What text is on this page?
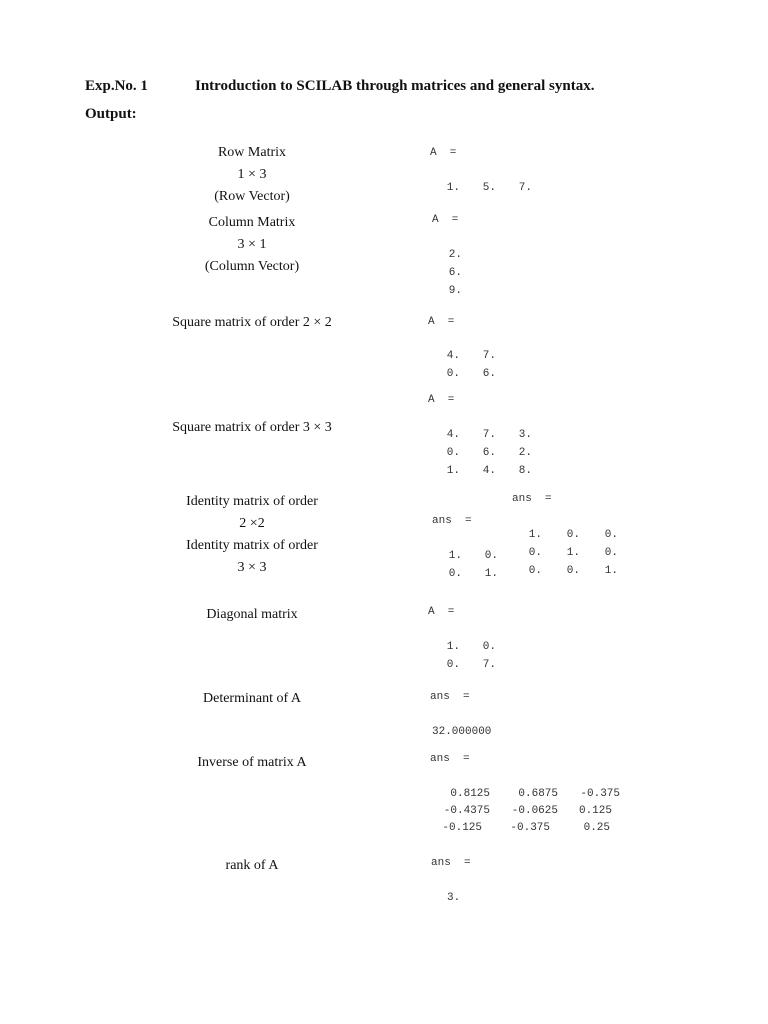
Exp.No. 1	Introduction to SCILAB through matrices and general syntax.
Output:
Row Matrix
1 × 3
(Row Vector)
A  =
1.	5.	7.
Column Matrix
3 × 1
(Column Vector)
A  =
2.
6.
9.
Square matrix of order 2 × 2	A  =
4.	7.
0.	6.
A  =
Square matrix of order 3 × 3	4.	7.	3.
0.	6.	2.
1.	4.	8.
Identity matrix of order
2 ×2
Identity matrix of order
3 × 3
ans  =
1.	0.
0.	1.
ans  =
1.	0.	0.
0.	1.	0.
0.	0.	1.
Diagonal matrix	A  =
1.	0.
0.	7.
Determinant of A	ans  =
32.000000
Inverse of matrix A	ans  =
0.8125	0.6875	-0.375
-0.4375	-0.0625	0.125
-0.125	-0.375	0.25
rank of A	ans  =
3.
